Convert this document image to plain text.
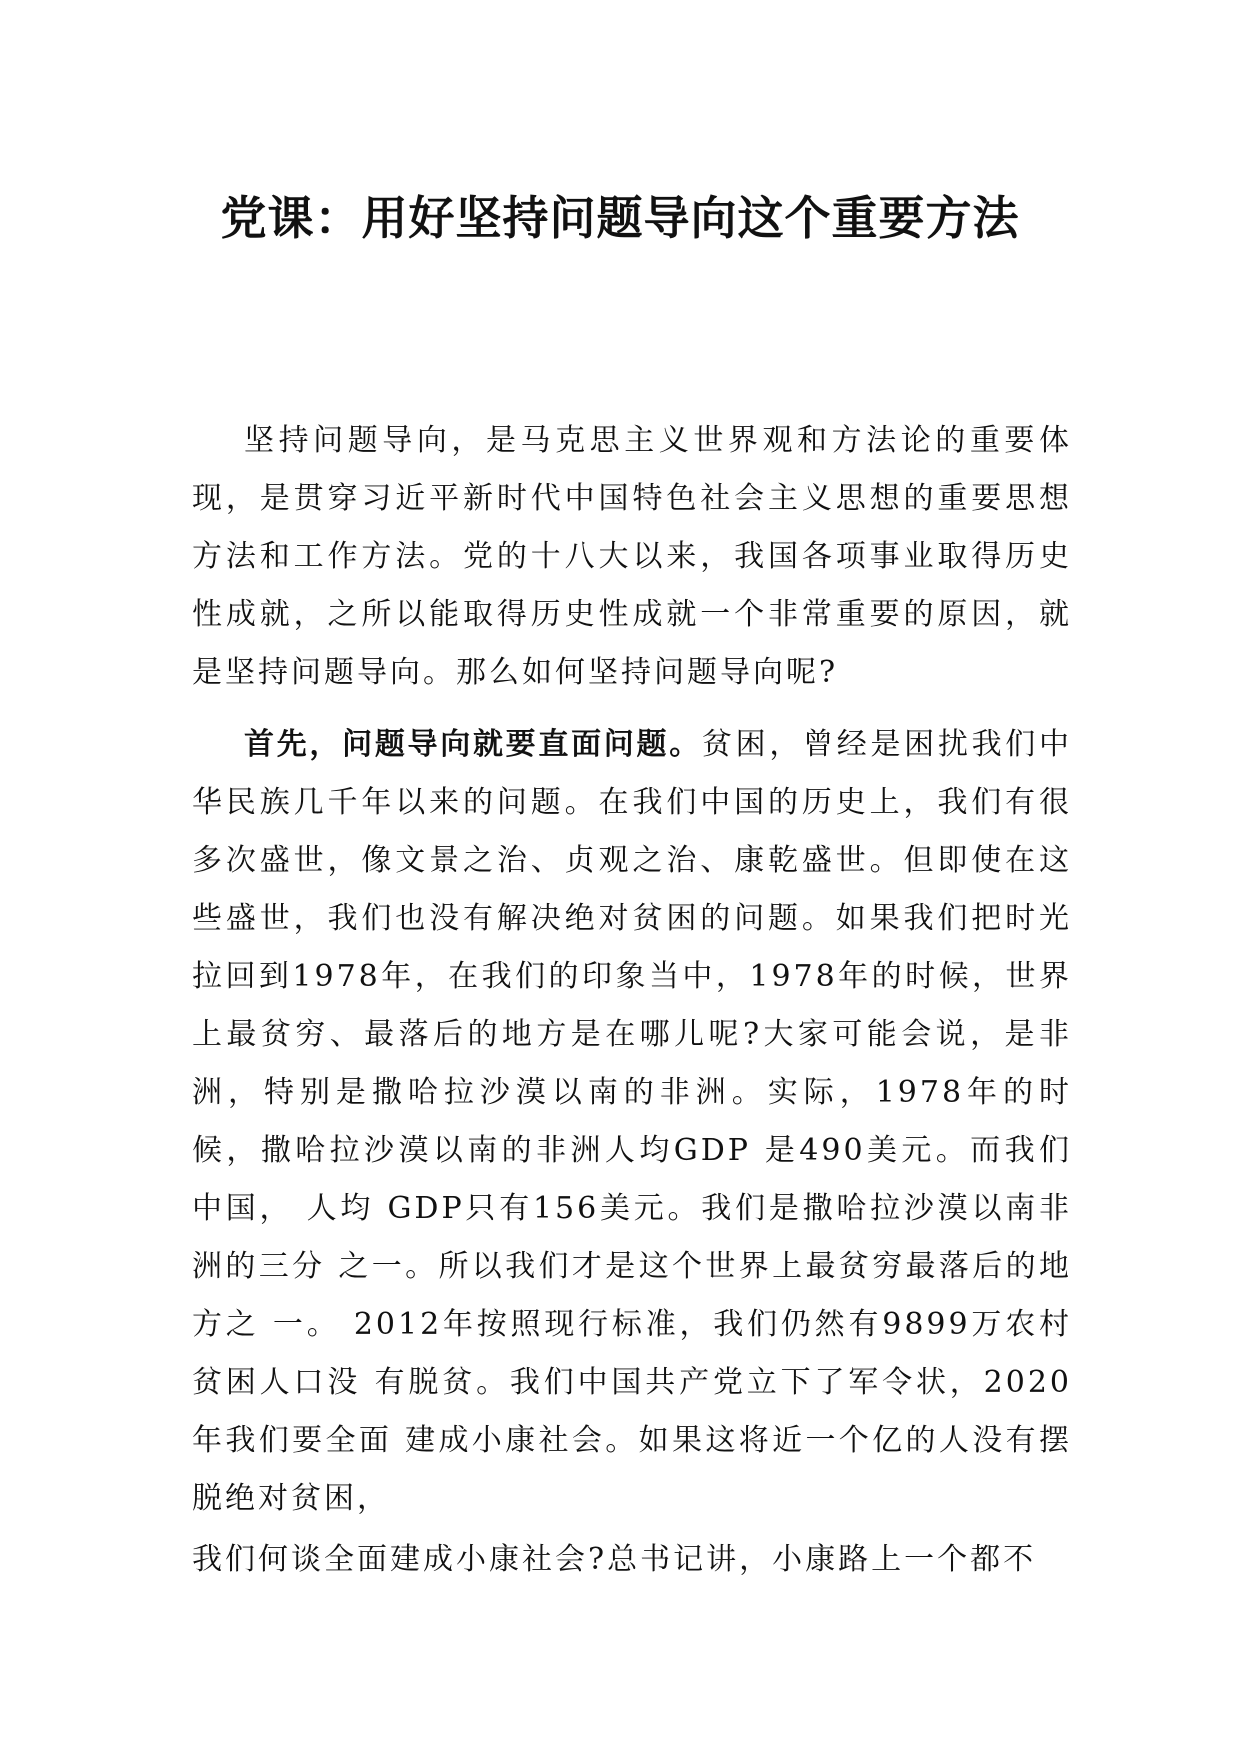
党课：用好坚持问题导向这个重要方法

坚持问题导向，是马克思主义世界观和方法论的重要体现，是贯穿习近平新时代中国特色社会主义思想的重要思想方法和工作方法。党的十八大以来，我国各项事业取得历史性成就，之所以能取得历史性成就一个非常重要的原因，就是坚持问题导向。那么如何坚持问题导向呢?

首先，问题导向就要直面问题。贫困，曾经是困扰我们中华民族几千年以来的问题。在我们中国的历史上，我们有很多次盛世，像文景之治、贞观之治、康乾盛世。但即使在这些盛世，我们也没有解决绝对贫困的问题。如果我们把时光拉回到1978年，在我们的印象当中，1978年的时候，世界上最贫穷、最落后的地方是在哪儿呢?大家可能会说，是非洲，特别是撒哈拉沙漠以南的非洲。实际，1978年的时候，撒哈拉沙漠以南的非洲人均GDP 是490美元。而我们中国， 人均 GDP只有156美元。我们是撒哈拉沙漠以南非洲的三分 之一。所以我们才是这个世界上最贫穷最落后的地方之 一。 2012年按照现行标准，我们仍然有9899万农村贫困人口没 有脱贫。我们中国共产党立下了军令状，2020年我们要全面 建成小康社会。如果这将近一个亿的人没有摆脱绝对贫困，

我们何谈全面建成小康社会?总书记讲，小康路上一个都不
